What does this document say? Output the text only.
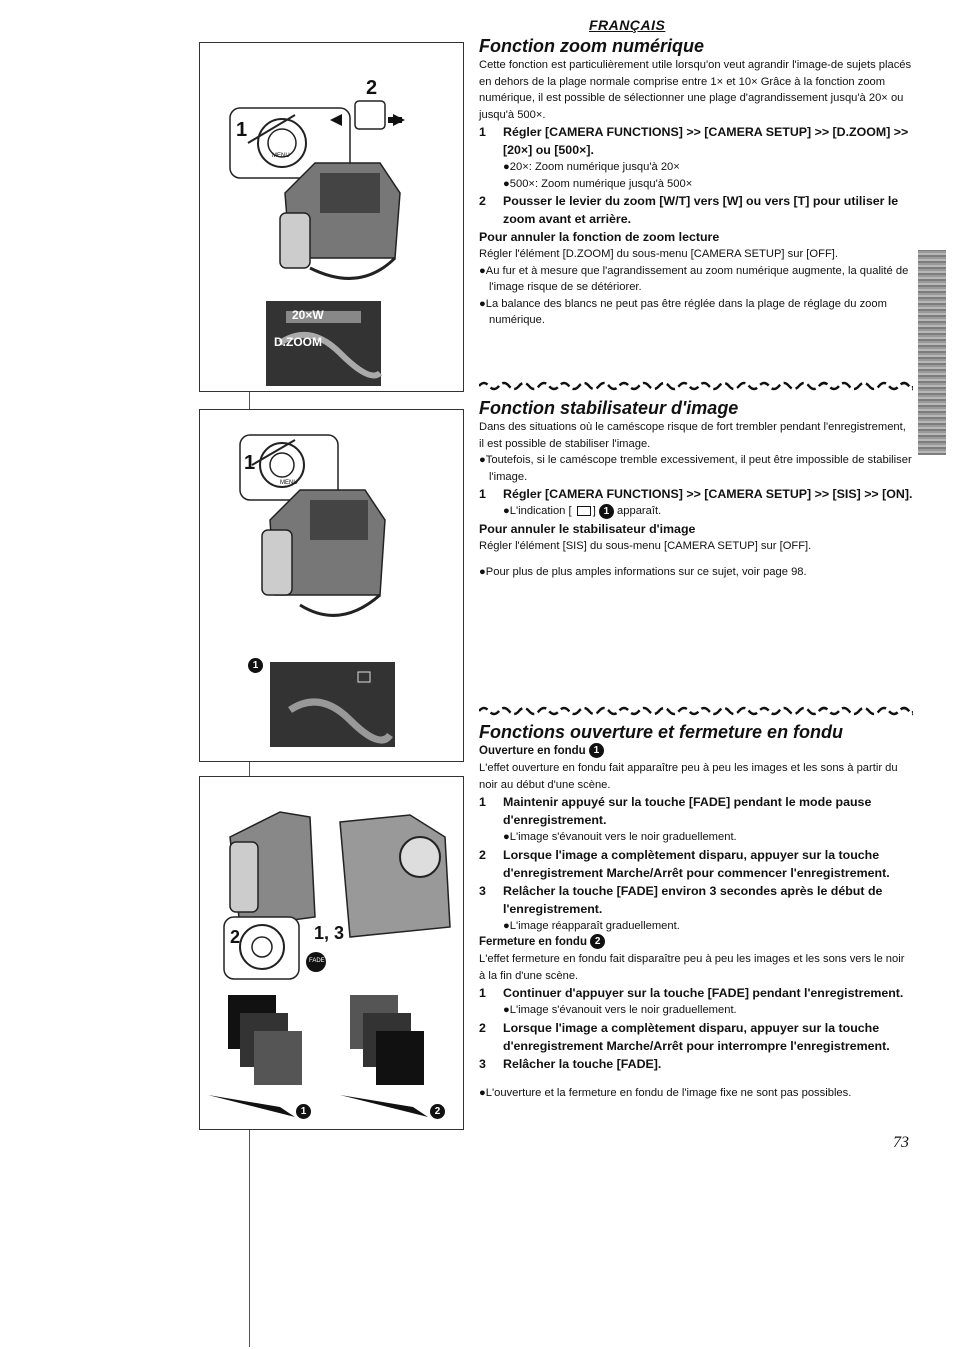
FRANÇAIS
1
2
MENU
20×W
D.ZOOM
1
MENU
1
2	1, 3
FADE
1	2
Fonction zoom numérique
Cette fonction est particulièrement utile lorsqu'on veut agrandir l'image-de sujets placés en dehors de la plage normale comprise entre 1× et 10× Grâce à la fonction zoom numérique, il est possible de sélectionner une plage d'agrandissement jusqu'à 20× ou jusqu'à 500×.
1 Régler [CAMERA FUNCTIONS] >> [CAMERA SETUP] >> [D.ZOOM] >> [20×] ou [500×].
●20×: Zoom numérique jusqu'à 20×
●500×: Zoom numérique jusqu'à 500×
2 Pousser le levier du zoom [W/T] vers [W] ou vers [T] pour utiliser le zoom avant et arrière.
Pour annuler la fonction de zoom lecture
Régler l'élément [D.ZOOM] du sous-menu [CAMERA SETUP] sur [OFF].
●Au fur et à mesure que l'agrandissement au zoom numérique augmente, la qualité de l'image risque de se détériorer.
●La balance des blancs ne peut pas être réglée dans la plage de réglage du zoom numérique.
Fonction stabilisateur d'image
Dans des situations où le caméscope risque de fort trembler pendant l'enregistrement, il est possible de stabiliser l'image.
●Toutefois, si le caméscope tremble excessivement, il peut être impossible de stabiliser l'image.
1 Régler [CAMERA FUNCTIONS] >> [CAMERA SETUP] >> [SIS] >> [ON].
●L'indication [ ] 1 apparaît.
Pour annuler le stabilisateur d'image
Régler l'élément [SIS] du sous-menu [CAMERA SETUP] sur [OFF].
●Pour plus de plus amples informations sur ce sujet, voir page 98.
Fonctions ouverture et fermeture en fondu
Ouverture en fondu 1
L'effet ouverture en fondu fait apparaître peu à peu les images et les sons à partir du noir au début d'une scène.
1 Maintenir appuyé sur la touche [FADE] pendant le mode pause d'enregistrement.
●L'image s'évanouit vers le noir graduellement.
2 Lorsque l'image a complètement disparu, appuyer sur la touche d'enregistrement Marche/Arrêt pour commencer l'enregistrement.
3 Relâcher la touche [FADE] environ 3 secondes après le début de l'enregistrement.
●L'image réapparaît graduellement.
Fermeture en fondu 2
L'effet fermeture en fondu fait disparaître peu à peu les images et les sons vers le noir à la fin d'une scène.
1 Continuer d'appuyer sur la touche [FADE] pendant l'enregistrement.
●L'image s'évanouit vers le noir graduellement.
2 Lorsque l'image a complètement disparu, appuyer sur la touche d'enregistrement Marche/Arrêt pour interrompre l'enregistrement.
3 Relâcher la touche [FADE].
●L'ouverture et la fermeture en fondu de l'image fixe ne sont pas possibles.
73
